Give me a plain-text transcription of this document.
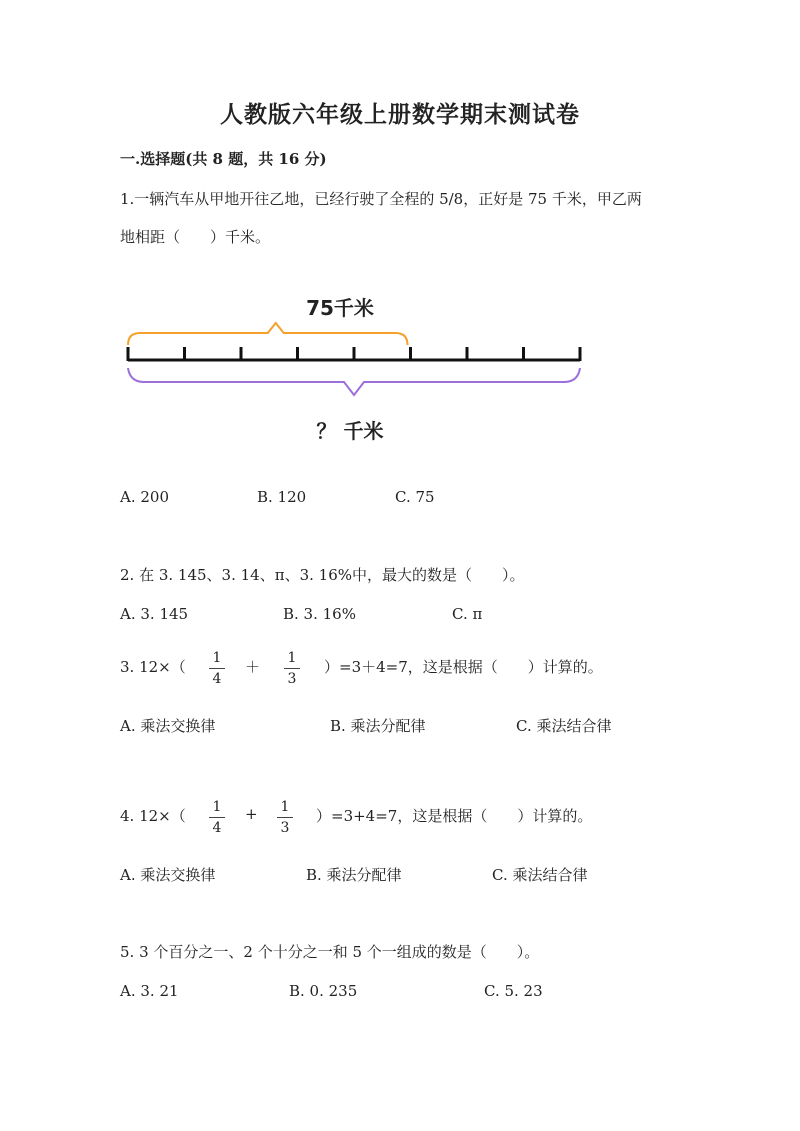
人教版六年级上册数学期末测试卷
一.选择题(共 8 题，共 16 分)
1.一辆汽车从甲地开往乙地，已经行驶了全程的 5/8，正好是 75 千米，甲乙两
地相距（　　）千米。
75千米
？ 千米
A. 200	B. 120	C. 75
2. 在 3. 145、3. 14、π、3. 16%中，最大的数是（　　）。
A. 3. 145	B. 3. 16%	C. π
3. 12×（ 1
4
＋ 1
3
）=3＋4=7，这是根据（　　）计算的。
A. 乘法交换律	B. 乘法分配律	C. 乘法结合律
4. 12×（ 1
4
+ 1
3
）=3+4=7，这是根据（　　）计算的。
A. 乘法交换律	B. 乘法分配律	C. 乘法结合律
5. 3 个百分之一、2 个十分之一和 5 个一组成的数是（　　）。
A. 3. 21	B. 0. 235	C. 5. 23
